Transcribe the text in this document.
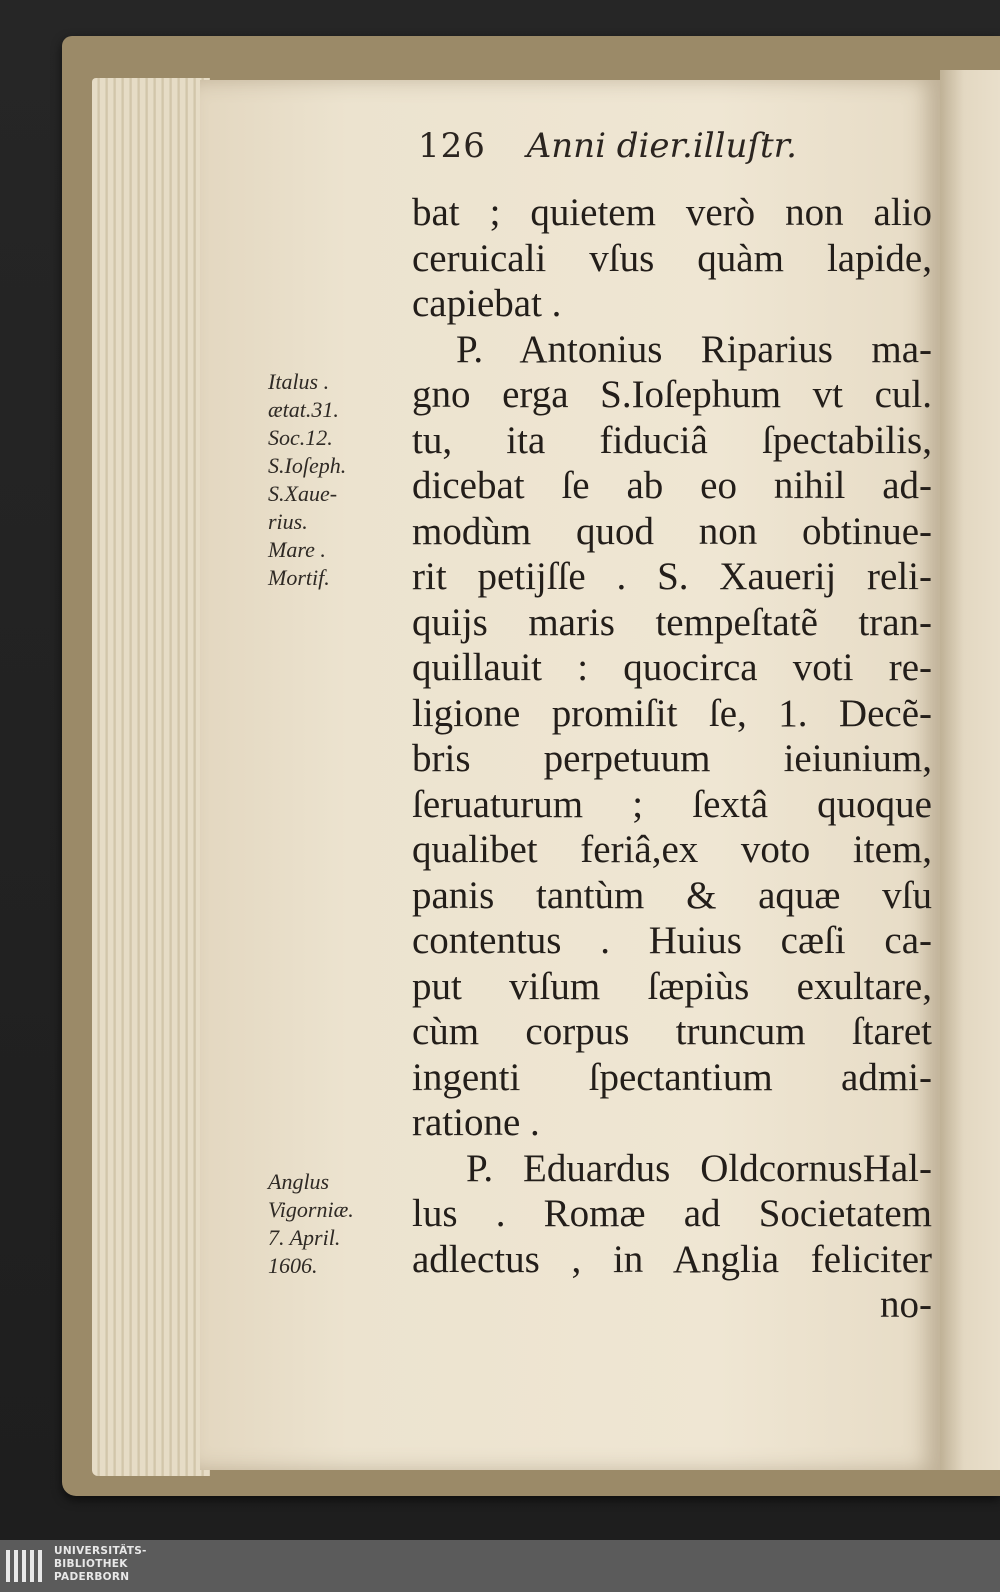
126 Anni dier.illuſtr.
bat ; quietem verò non alio
ceruicali vſus quàm lapide,
capiebat .
P. Antonius Riparius ma-
gno erga S.Ioſephum vt cul.
tu, ita fiduciâ ſpectabilis,
dicebat ſe ab eo nihil ad-
modùm quod non obtinue-
rit petijſſe . S. Xauerij reli-
quijs maris tempeſtatẽ tran-
quillauit : quocirca voti re-
ligione promiſit ſe, 1. Decẽ-
bris perpetuum ieiunium,
ſeruaturum ; ſextâ quoque
qualibet feriâ,ex voto item,
panis tantùm & aquæ vſu
contentus . Huius cæſi ca-
put viſum ſæpiùs exultare,
cùm corpus truncum ſtaret
ingenti ſpectantium admi-
ratione .
P. Eduardus OldcornusHal-
lus . Romæ ad Societatem
adlectus , in Anglia feliciter
no-
Italus .
ætat.31.
Soc.12.
S.Ioſeph.
S.Xaue-
rius.
Mare .
Mortif.
Anglus
Vigorniæ.
7. April.
1606.
UNIVERSITÄTS-
BIBLIOTHEK
PADERBORN
